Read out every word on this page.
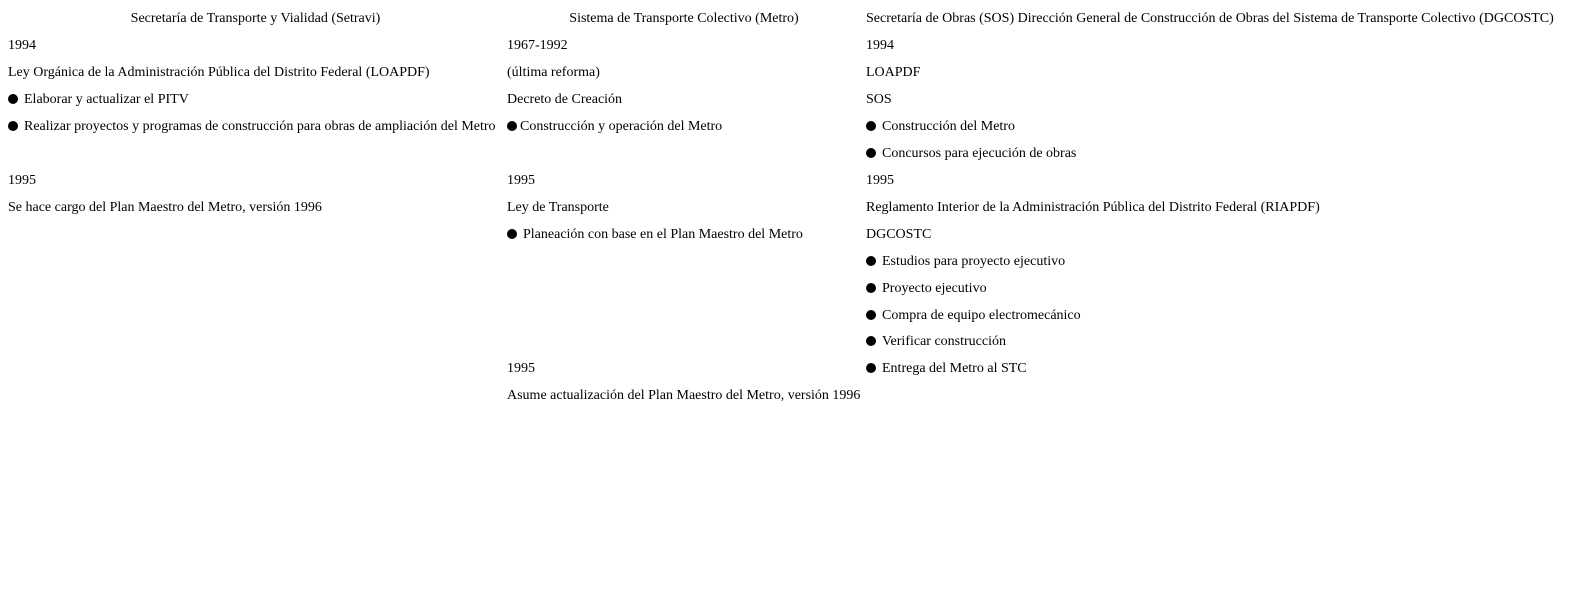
Secretaría de Transporte y Vialidad (Setravi)
1994
Ley Orgánica de la Administración Pública del Distrito Federal (LOAPDF)
Elaborar y actualizar el PITV
Realizar proyectos y programas de construcción para obras de ampliación del Metro
1995
Se hace cargo del Plan Maestro del Metro, versión 1996
Sistema de Transporte Colectivo (Metro)
1967-1992
(última reforma)
Decreto de Creación
Construcción y operación del Metro
1995
Ley de Transporte
Planeación con base en el Plan Maestro del Metro
1995
Asume actualización del Plan Maestro del Metro, versión 1996
Secretaría de Obras (SOS) Dirección General de Construcción de Obras del Sistema de Transporte Colectivo (DGCOSTC)
1994
LOAPDF
SOS
Construcción del Metro
Concursos para ejecución de obras
1995
Reglamento Interior de la Administración Pública del Distrito Federal (RIAPDF)
DGCOSTC
Estudios para proyecto ejecutivo
Proyecto ejecutivo
Compra de equipo electromecánico
Verificar construcción
Entrega del Metro al STC
